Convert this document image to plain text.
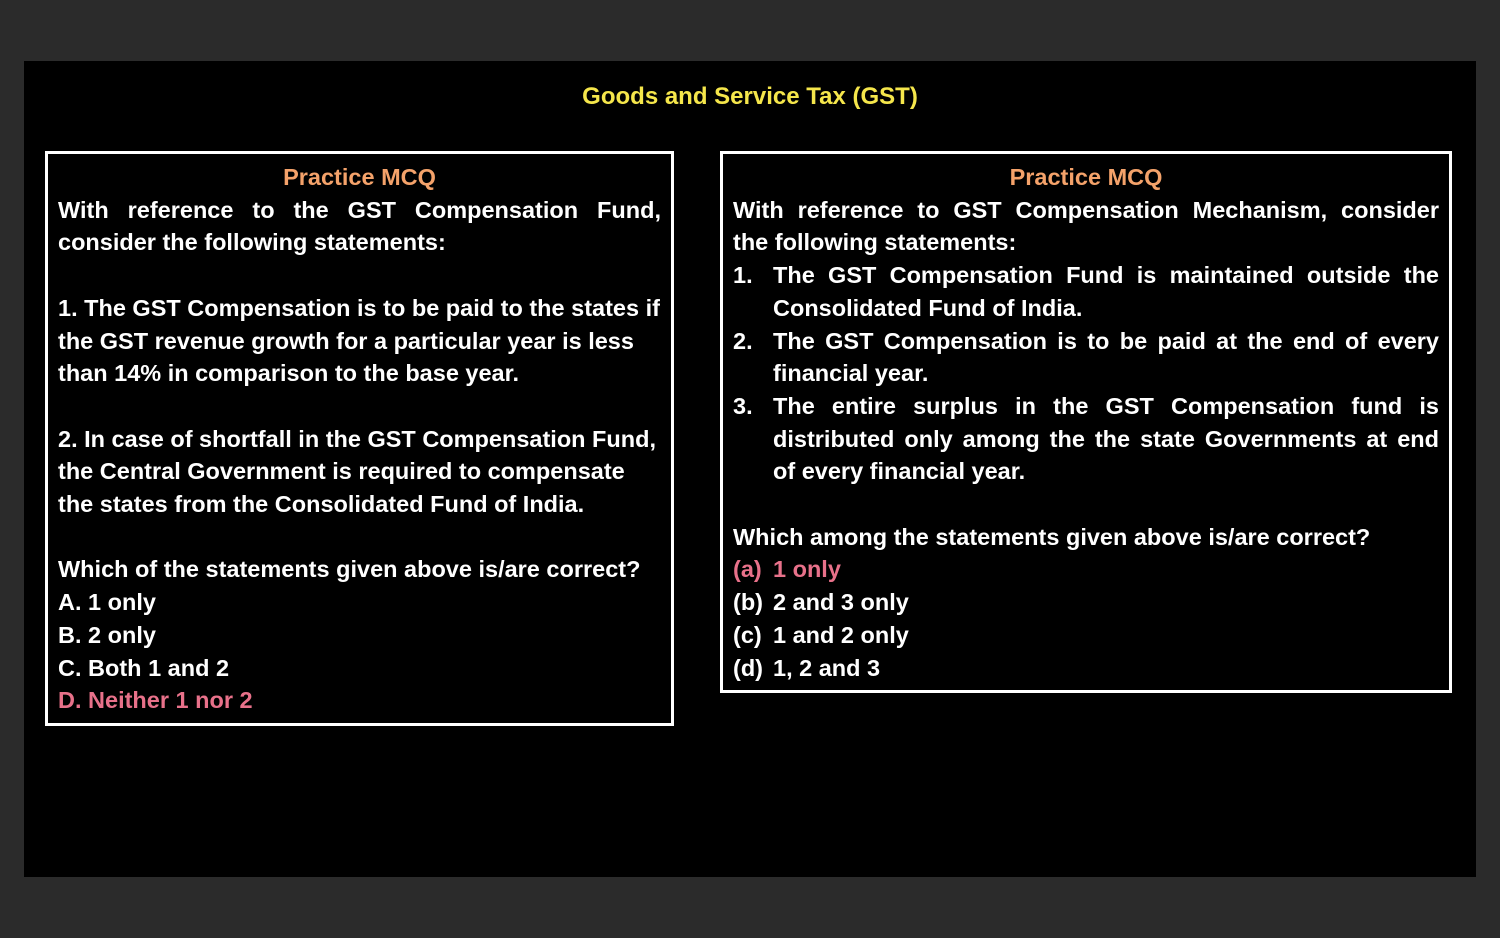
Goods and Service Tax (GST)
Practice MCQ
With reference to the GST Compensation Fund,
consider the following statements:
1. The GST Compensation is to be paid to the states if
the GST revenue growth for a particular year is less
than 14% in comparison to the base year.
2. In case of shortfall in the GST Compensation Fund,
the Central Government is required to compensate
the states from the Consolidated Fund of India.
Which of the statements given above is/are correct?
A. 1 only
B. 2 only
C. Both 1 and 2
D. Neither 1 nor 2
Practice MCQ
With reference to GST Compensation Mechanism, consider
the following statements:
1. The GST Compensation Fund is maintained outside the
Consolidated Fund of India.
2. The GST Compensation is to be paid at the end of every
financial year.
3. The entire surplus in the GST Compensation fund is
distributed only among the the state Governments at end
of every financial year.
Which among the statements given above is/are correct?
(a) 1 only
(b) 2 and 3 only
(c) 1 and 2 only
(d) 1, 2 and 3
